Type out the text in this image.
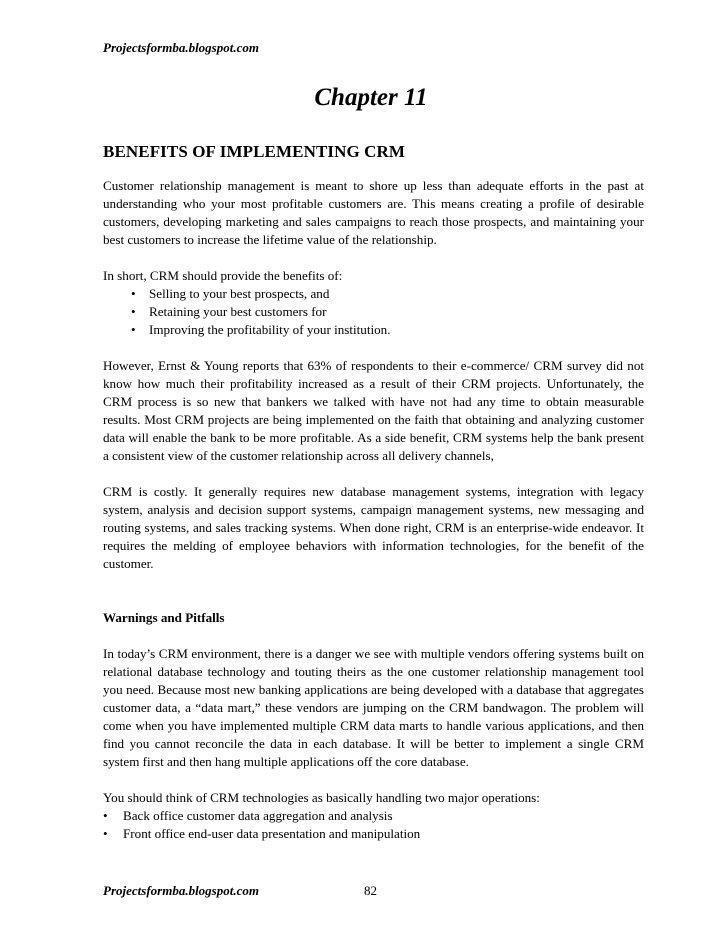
Projectsformba.blogspot.com
Chapter 11
BENEFITS OF IMPLEMENTING CRM

Customer relationship management is meant to shore up less than adequate efforts in the past at understanding who your most profitable customers are. This means creating a profile of desirable customers, developing marketing and sales campaigns to reach those prospects, and maintaining your best customers to increase the lifetime value of the relationship.

In short, CRM should provide the benefits of:

• Selling to your best prospects, and
• Retaining your best customers for
• Improving the profitability of your institution.

However, Ernst & Young reports that 63% of respondents to their e-commerce/ CRM survey did not know how much their profitability increased as a result of their CRM projects. Unfortunately, the CRM process is so new that bankers we talked with have not had any time to obtain measurable results. Most CRM projects are being implemented on the faith that obtaining and analyzing customer data will enable the bank to be more profitable. As a side benefit, CRM systems help the bank present a consistent view of the customer relationship across all delivery channels,

CRM is costly. It generally requires new database management systems, integration with legacy system, analysis and decision support systems, campaign management systems, new messaging and routing systems, and sales tracking systems. When done right, CRM is an enterprise-wide endeavor. It requires the melding of employee behaviors with information technologies, for the benefit of the customer.

Warnings and Pitfalls

In today’s CRM environment, there is a danger we see with multiple vendors offering systems built on relational database technology and touting theirs as the one customer relationship management tool you need. Because most new banking applications are being developed with a database that aggregates customer data, a “data mart,” these vendors are jumping on the CRM bandwagon. The problem will come when you have implemented multiple CRM data marts to handle various applications, and then find you cannot reconcile the data in each database. It will be better to implement a single CRM system first and then hang multiple applications off the core database.

You should think of CRM technologies as basically handling two major operations:

• Back office customer data aggregation and analysis
• Front office end-user data presentation and manipulation
Projectsformba.blogspot.com	82
